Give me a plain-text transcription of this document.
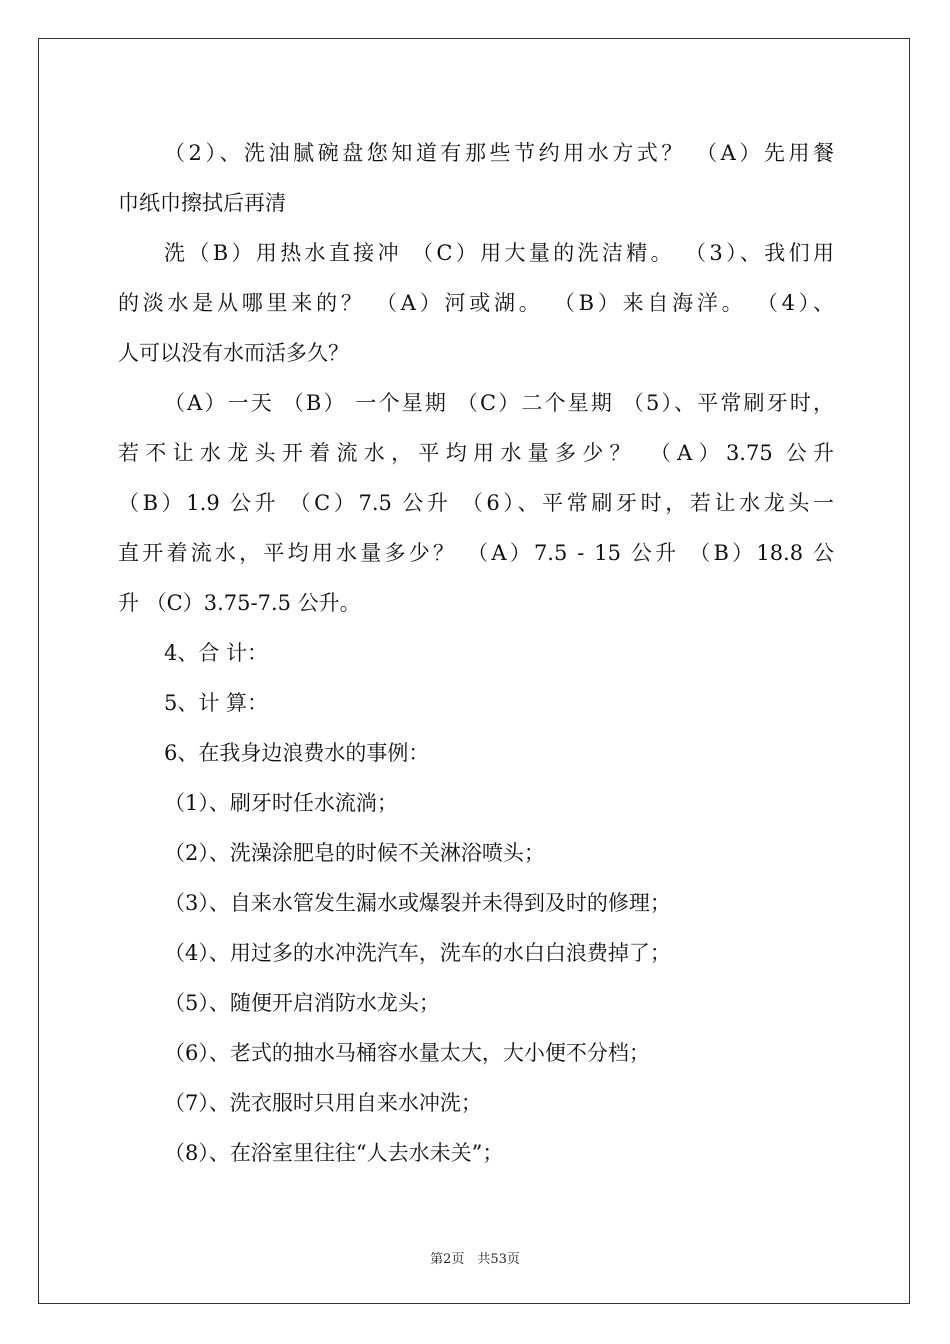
（2）、洗油腻碗盘您知道有那些节约用水方式？ （A）先用餐

巾纸巾擦拭后再清

洗（B）用热水直接冲 （C）用大量的洗洁精。 （3）、我们用

的淡水是从哪里来的？ （A）河或湖。 （B）来自海洋。 （4）、

人可以没有水而活多久？

（A）一天 （B） 一个星期 （C）二个星期 （5）、平常刷牙时，

若不让水龙头开着流水，平均用水量多少？ （A）3.75 公升

（B）1.9 公升 （C）7.5 公升 （6）、平常刷牙时，若让水龙头一

直开着流水，平均用水量多少？ （A）7.5 - 15 公升 （B）18.8 公

升 （C）3.75-7.5 公升。

4、合 计：

5、计 算：

6、在我身边浪费水的事例：

（1）、刷牙时任水流淌；

（2）、洗澡涂肥皂的时候不关淋浴喷头；

（3）、自来水管发生漏水或爆裂并未得到及时的修理；

（4）、用过多的水冲洗汽车，洗车的水白白浪费掉了；

（5）、随便开启消防水龙头；

（6）、老式的抽水马桶容水量太大，大小便不分档；

（7）、洗衣服时只用自来水冲洗；

（8）、在浴室里往往“人去水未关”；

第2页　共53页
